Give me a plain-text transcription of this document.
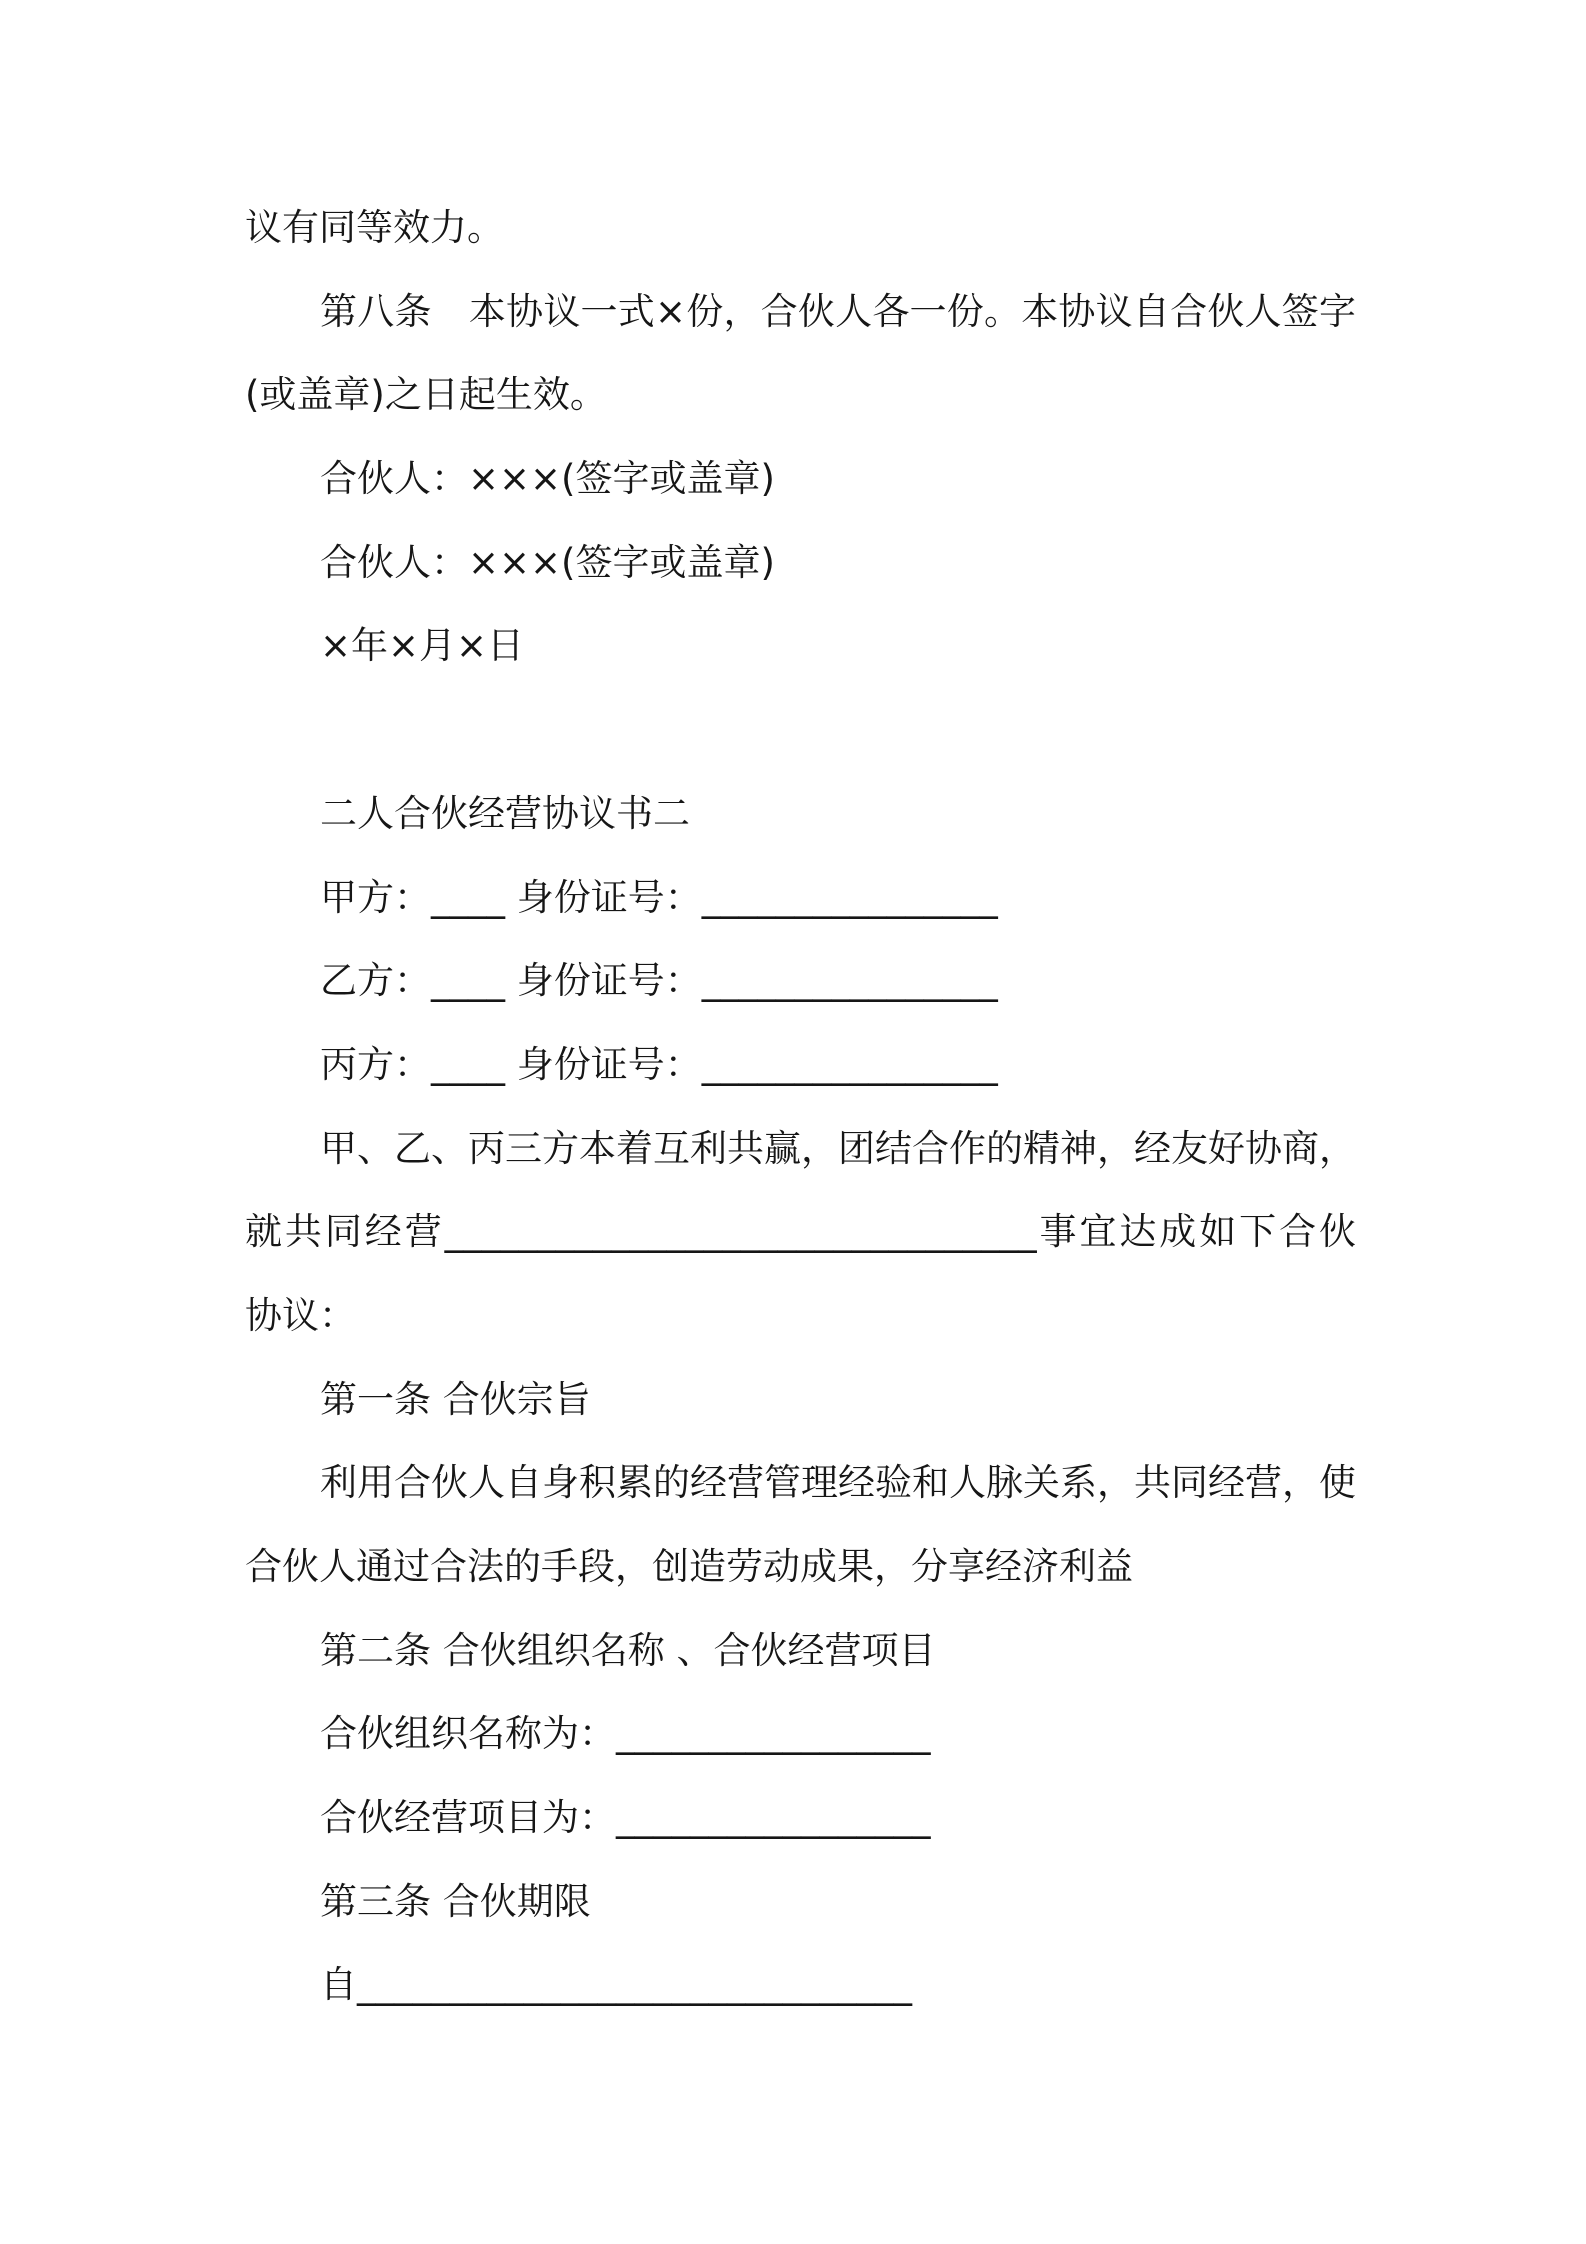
议有同等效力。
第八条　本协议一式×份，合伙人各一份。本协议自合伙人签字
(或盖章)之日起生效。
合伙人：×××(签字或盖章)
合伙人：×××(签字或盖章)
×年×月×日
二人合伙经营协议书二
甲方：____ 身份证号：________________
乙方：____ 身份证号：________________
丙方：____ 身份证号：________________
甲、乙、丙三方本着互利共赢，团结合作的精神，经友好协商，
就共同经营________________________________事宜达成如下合伙
协议：
第一条 合伙宗旨
利用合伙人自身积累的经营管理经验和人脉关系，共同经营，使
合伙人通过合法的手段，创造劳动成果，分享经济利益
第二条 合伙组织名称 、合伙经营项目
合伙组织名称为：_________________
合伙经营项目为：_________________
第三条 合伙期限
自______________________________
